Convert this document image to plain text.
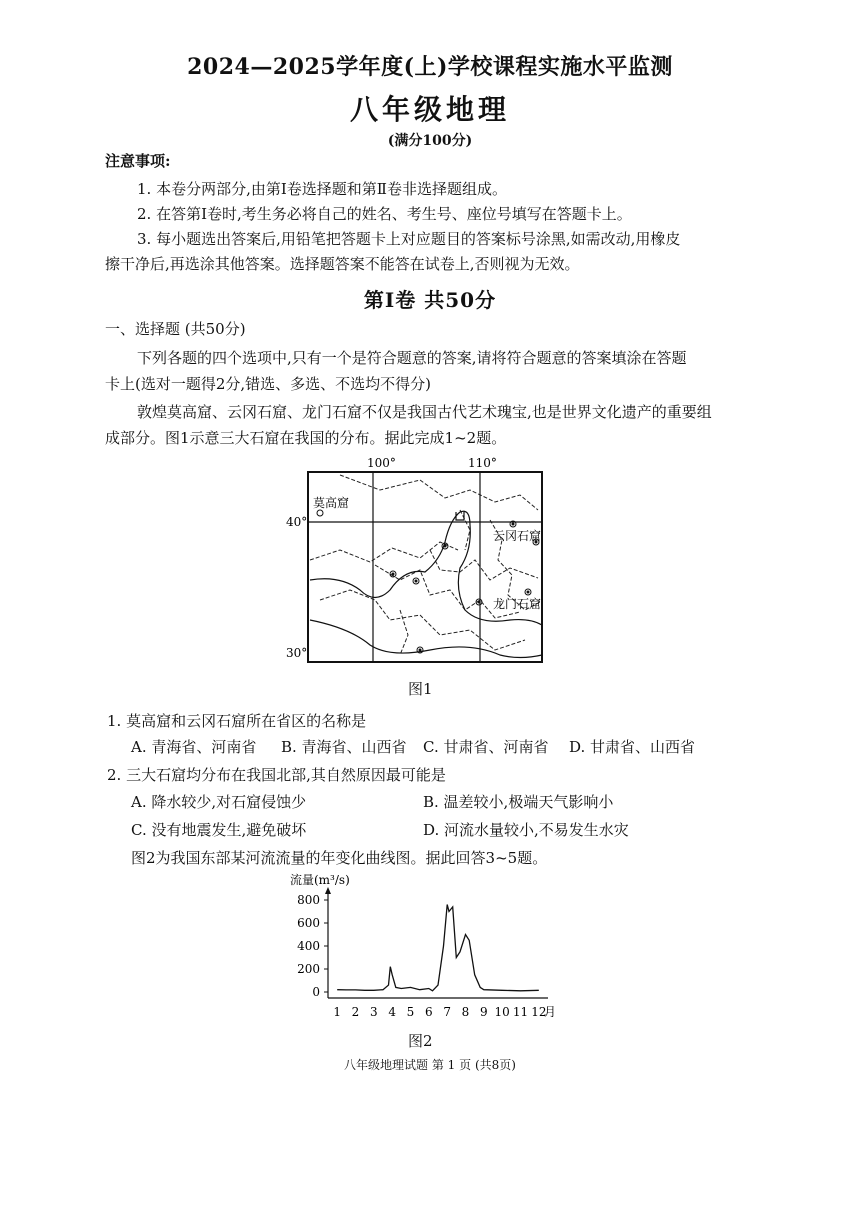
2024—2025学年度(上)学校课程实施水平监测
八年级地理
(满分100分)
注意事项:
1. 本卷分两部分,由第Ⅰ卷选择题和第Ⅱ卷非选择题组成。
2. 在答第Ⅰ卷时,考生务必将自己的姓名、考生号、座位号填写在答题卡上。
3. 每小题选出答案后,用铅笔把答题卡上对应题目的答案标号涂黑,如需改动,用橡皮
擦干净后,再选涂其他答案。选择题答案不能答在试卷上,否则视为无效。
第Ⅰ卷 共50分
一、选择题 (共50分)
下列各题的四个选项中,只有一个是符合题意的答案,请将符合题意的答案填涂在答题
卡上(选对一题得2分,错选、多选、不选均不得分)
敦煌莫高窟、云冈石窟、龙门石窟不仅是我国古代艺术瑰宝,也是世界文化遗产的重要组
成部分。图1示意三大石窟在我国的分布。据此完成1~2题。
100°	110°
40°
30°
莫高窟
云冈石窟
龙门石窟
图1
1. 莫高窟和云冈石窟所在省区的名称是
A. 青海省、河南省 B. 青海省、山西省 C. 甘肃省、河南省 D. 甘肃省、山西省
2. 三大石窟均分布在我国北部,其自然原因最可能是
A. 降水较少,对石窟侵蚀少	B. 温差较小,极端天气影响小
C. 没有地震发生,避免破坏	D. 河流水量较小,不易发生水灾
图2为我国东部某河流流量的年变化曲线图。据此回答3~5题。
流量(m³/s)
800
600
400
200
0
1 2 3 4 5 6 7 8 9 10 11 12
月
图2
八年级地理试题 第 1 页 (共8页)
